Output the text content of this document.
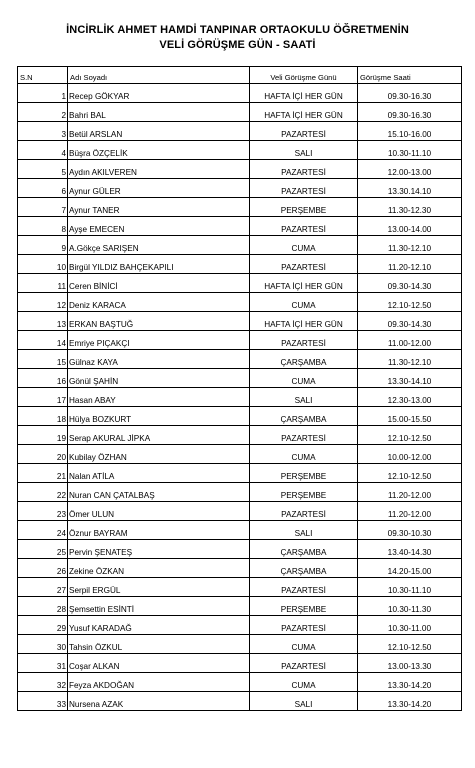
İNCİRLİK AHMET HAMDİ TANPINAR ORTAOKULU ÖĞRETMENİN
VELİ GÖRÜŞME GÜN - SAATİ
S.N	Adı Soyadı	Veli Görüşme Günü	Görüşme Saati
1	Recep GÖKYAR	HAFTA İÇİ HER GÜN	09.30-16.30
2	Bahri BAL	HAFTA İÇİ HER GÜN	09.30-16.30
3	Betül ARSLAN	PAZARTESİ	15.10-16.00
4	Büşra ÖZÇELİK	SALI	10.30-11.10
5	Aydın AKILVEREN	PAZARTESİ	12.00-13.00
6	Aynur GÜLER	PAZARTESİ	13.30.14.10
7	Aynur TANER	PERŞEMBE	11.30-12.30
8	Ayşe EMECEN	PAZARTESİ	13.00-14.00
9	A.Gökçe SARIŞEN	CUMA	11.30-12.10
10	Birgül YILDIZ BAHÇEKAPILI	PAZARTESİ	11.20-12.10
11	Ceren BİNİCİ	HAFTA İÇİ HER GÜN	09.30-14.30
12	Deniz KARACA	CUMA	12.10-12.50
13	ERKAN BAŞTUĞ	HAFTA İÇİ HER GÜN	09.30-14.30
14	Emriye PIÇAKÇI	PAZARTESİ	11.00-12.00
15	Gülnaz KAYA	ÇARŞAMBA	11.30-12.10
16	Gönül ŞAHİN	CUMA	13.30-14.10
17	Hasan ABAY	SALI	12.30-13.00
18	Hülya BOZKURT	ÇARŞAMBA	15.00-15.50
19	Serap AKURAL JİPKA	PAZARTESİ	12.10-12.50
20	Kubilay ÖZHAN	CUMA	10.00-12.00
21	Nalan ATİLA	PERŞEMBE	12.10-12.50
22	Nuran CAN ÇATALBAŞ	PERŞEMBE	11.20-12.00
23	Ömer ULUN	PAZARTESİ	11.20-12.00
24	Öznur BAYRAM	SALI	09.30-10.30
25	Pervin ŞENATEŞ	ÇARŞAMBA	13.40-14.30
26	Zekine ÖZKAN	ÇARŞAMBA	14.20-15.00
27	Serpil ERGÜL	PAZARTESİ	10.30-11.10
28	Şemsettin ESİNTİ	PERŞEMBE	10.30-11.30
29	Yusuf KARADAĞ	PAZARTESİ	10.30-11.00
30	Tahsin ÖZKUL	CUMA	12.10-12.50
31	Coşar ALKAN	PAZARTESİ	13.00-13.30
32	Feyza AKDOĞAN	CUMA	13.30-14.20
33	Nursena AZAK	SALI	13.30-14.20
